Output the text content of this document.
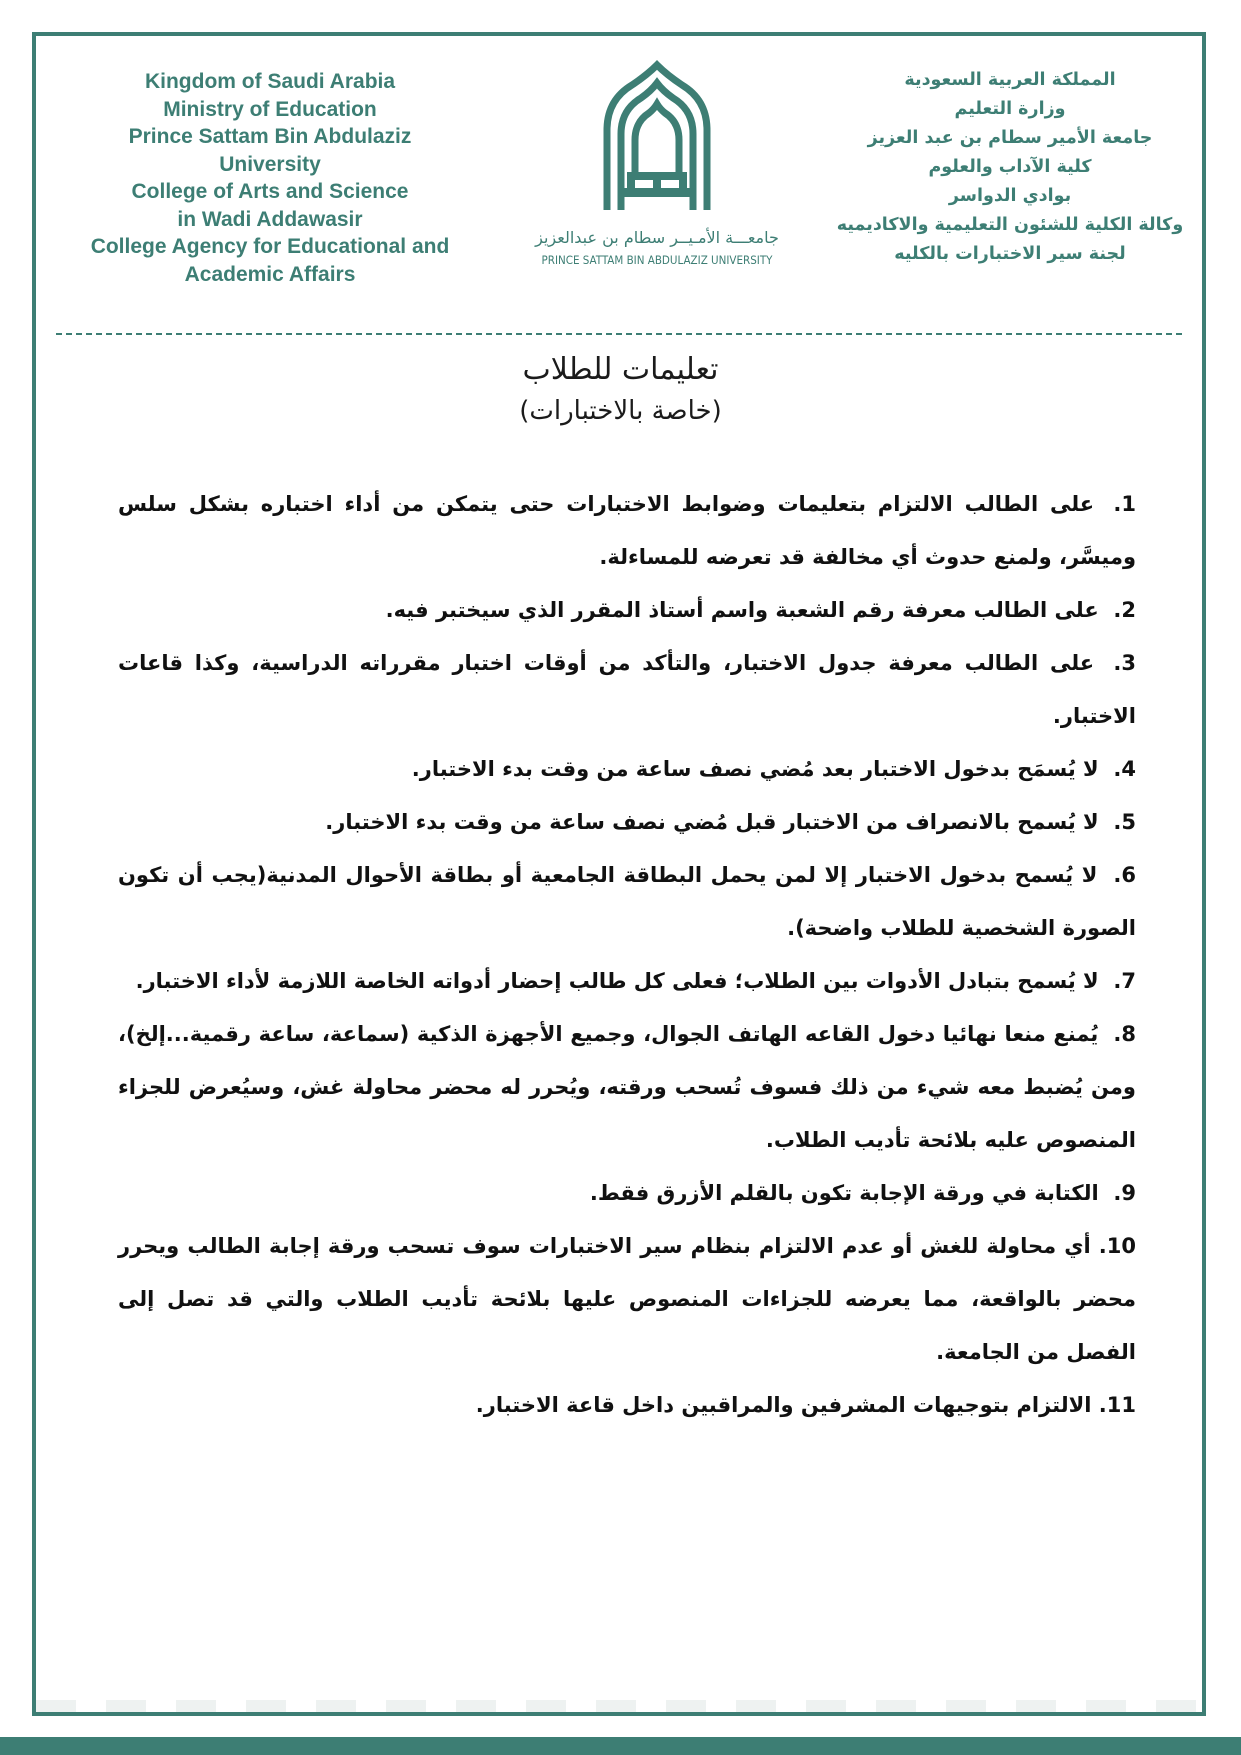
Kingdom of Saudi Arabia
Ministry of Education
Prince Sattam Bin Abdulaziz
University
College of Arts and Science
in Wadi Addawasir
College Agency for Educational and
Academic Affairs
جامعـــة الأمـيــر سطام بن عبدالعزيز
PRINCE SATTAM BIN ABDULAZIZ UNIVERSITY
المملكة العربية السعودية
وزارة التعليم
جامعة الأمير سطام بن عبد العزيز
كلية الآداب والعلوم
بوادي الدواسر
وكالة الكلية للشئون التعليمية والاكاديميه
لجنة سير الاختبارات بالكليه
تعليمات للطلاب
(خاصة بالاختبارات)
1. على الطالب الالتزام بتعليمات وضوابط الاختبارات حتى يتمكن من أداء اختباره بشكل سلس وميسَّر، ولمنع حدوث أي مخالفة قد تعرضه للمساءلة.
2. على الطالب معرفة رقم الشعبة واسم أستاذ المقرر الذي سيختبر فيه.
3. على الطالب معرفة جدول الاختبار، والتأكد من أوقات اختبار مقرراته الدراسية، وكذا قاعات الاختبار.
4. لا يُسمَح بدخول الاختبار بعد مُضي نصف ساعة من وقت بدء الاختبار.
5. لا يُسمح بالانصراف من الاختبار قبل مُضي نصف ساعة من وقت بدء الاختبار.
6. لا يُسمح بدخول الاختبار إلا لمن يحمل البطاقة الجامعية أو بطاقة الأحوال المدنية(يجب أن تكون الصورة الشخصية للطلاب واضحة).
7. لا يُسمح بتبادل الأدوات بين الطلاب؛ فعلى كل طالب إحضار أدواته الخاصة اللازمة لأداء الاختبار.
8. يُمنع منعا نهائيا دخول القاعه الهاتف الجوال، وجميع الأجهزة الذكية (سماعة، ساعة رقمية...إلخ)، ومن يُضبط معه شيء من ذلك فسوف تُسحب ورقته، ويُحرر له محضر محاولة غش، وسيُعرض للجزاء المنصوص عليه بلائحة تأديب الطلاب.
9. الكتابة في ورقة الإجابة تكون بالقلم الأزرق فقط.
10. أي محاولة للغش أو عدم الالتزام بنظام سير الاختبارات سوف تسحب ورقة إجابة الطالب ويحرر محضر بالواقعة، مما يعرضه للجزاءات المنصوص عليها بلائحة تأديب الطلاب والتي قد تصل إلى الفصل من الجامعة.
11. الالتزام بتوجيهات المشرفين والمراقبين داخل قاعة الاختبار.
